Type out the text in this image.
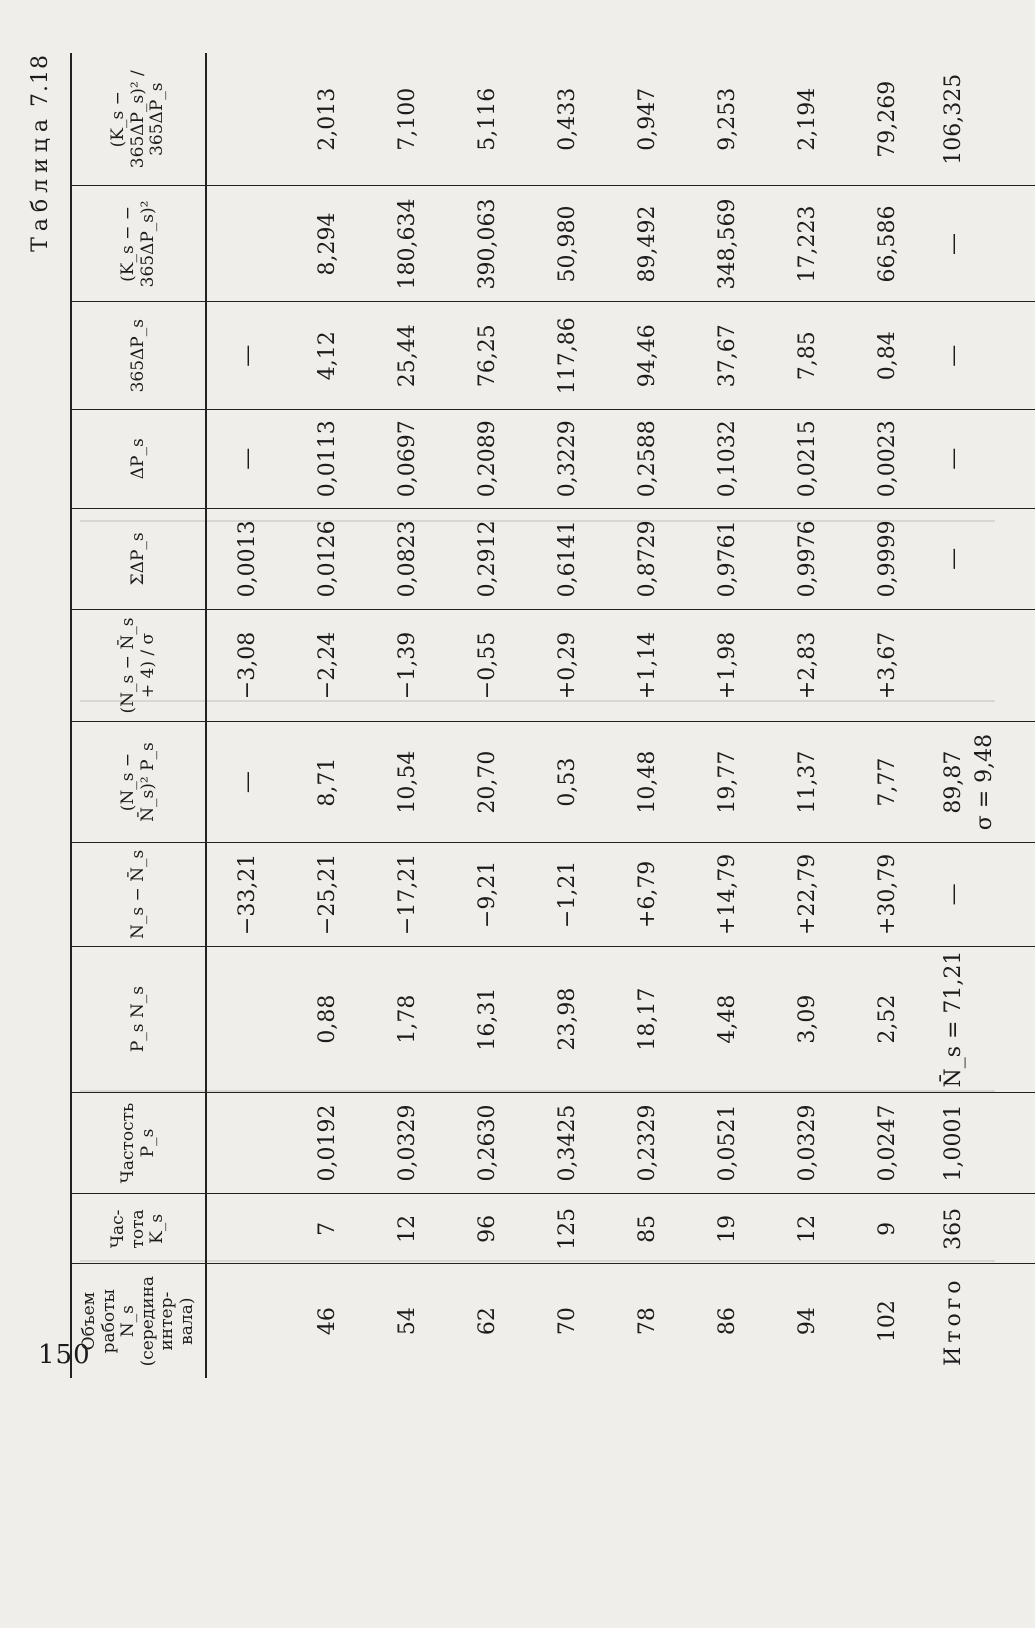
150
Таблица7.18
Объем работы N_s (середина интер- вала)	Час- тота K_s	Частость P_s	P_s N_s	N_s − N̄_s	(N_s − N̄_s)² P_s	(N_s − N̄_s + 4) / σ	ΣΔP_s	ΔP_s	365ΔP_s	(K_s − − 365ΔP_s)²	(K_s − 365ΔP_s)² / 365ΔP_s
				−33,21	—	−3,08	0,0013	—	—		
46	7	0,0192	0,88	−25,21	8,71	−2,24	0,0126	0,0113	4,12	8,294	2,013
54	12	0,0329	1,78	−17,21	10,54	−1,39	0,0823	0,0697	25,44	180,634	7,100
62	96	0,2630	16,31	−9,21	20,70	−0,55	0,2912	0,2089	76,25	390,063	5,116
70	125	0,3425	23,98	−1,21	0,53	+0,29	0,6141	0,3229	117,86	50,980	0,433
78	85	0,2329	18,17	+6,79	10,48	+1,14	0,8729	0,2588	94,46	89,492	0,947
86	19	0,0521	4,48	+14,79	19,77	+1,98	0,9761	0,1032	37,67	348,569	9,253
94	12	0,0329	3,09	+22,79	11,37	+2,83	0,9976	0,0215	7,85	17,223	2,194
102	9	0,0247	2,52	+30,79	7,77	+3,67	0,9999	0,0023	0,84	66,586	79,269
Итого	365	1,0001	N̄_s = 71,21	—	89,87 σ = 9,48		—	—	—	—	106,325
